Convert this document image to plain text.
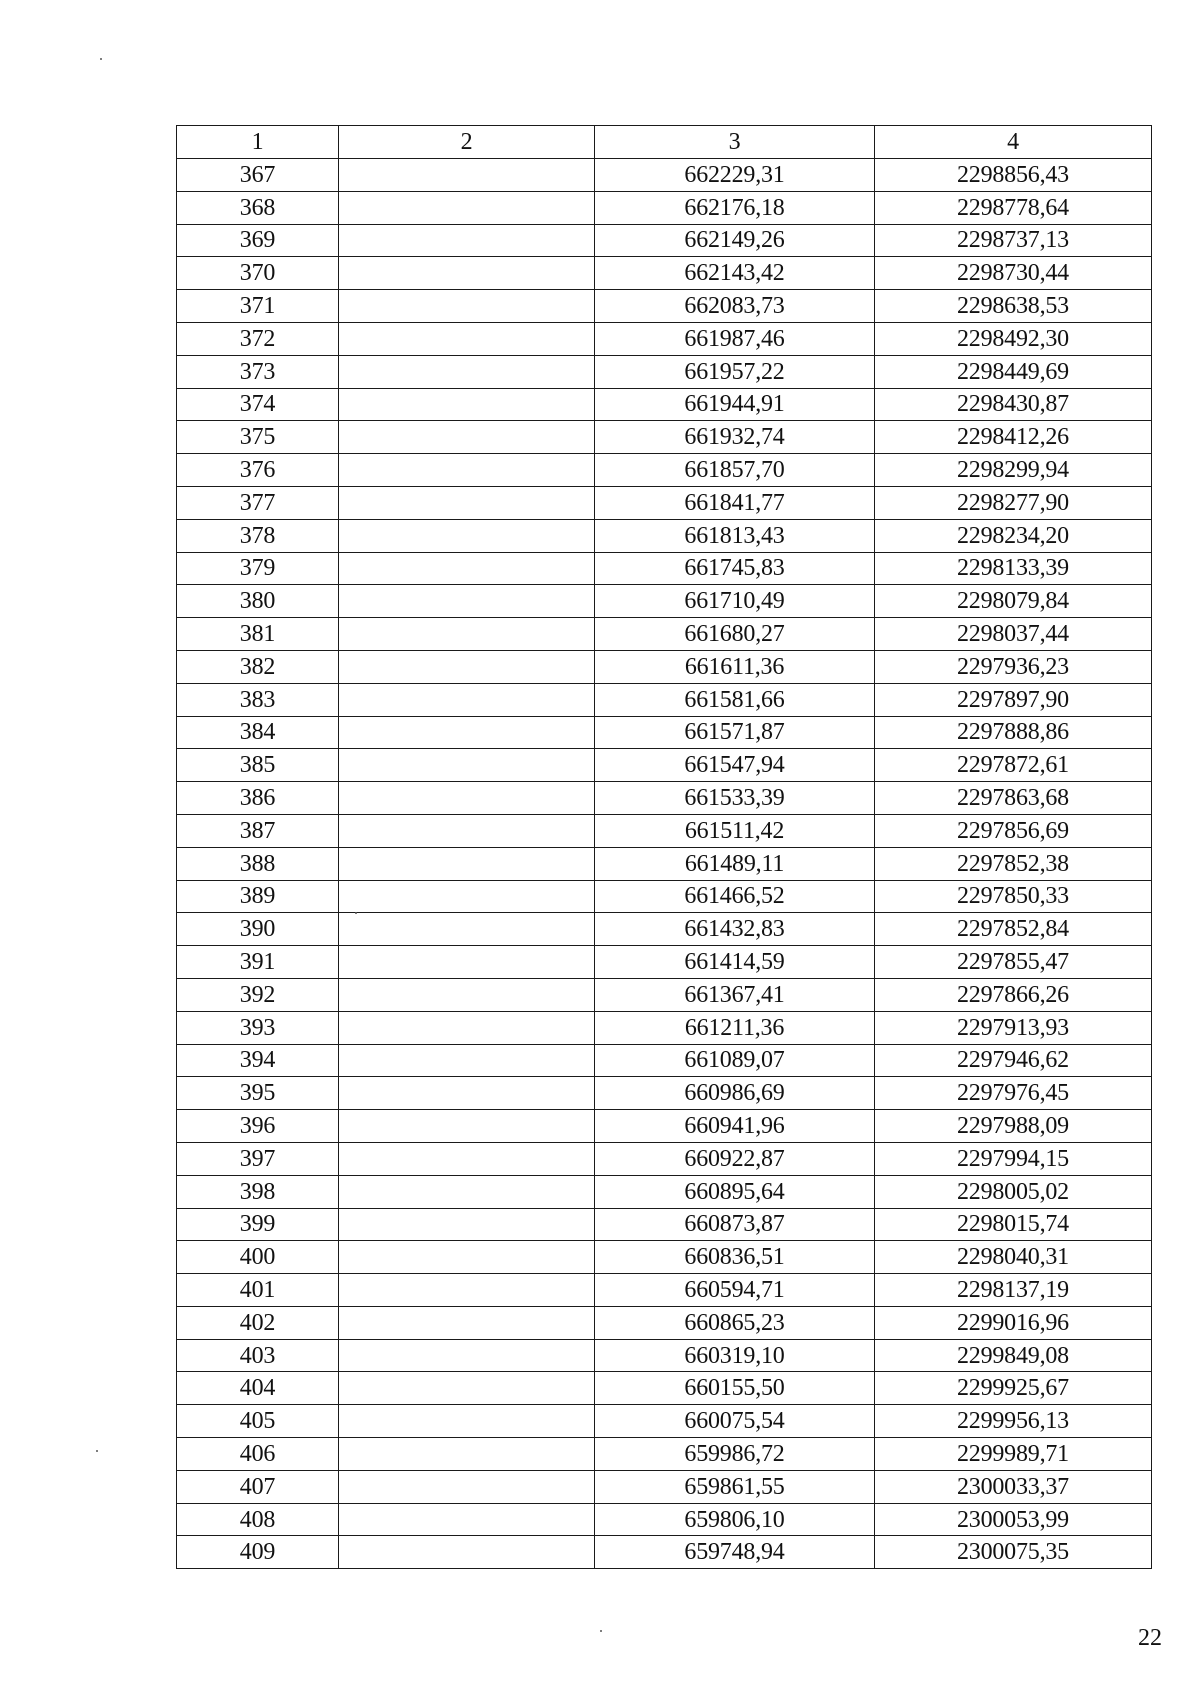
1	2	3	4
367		662229,31	2298856,43
368		662176,18	2298778,64
369		662149,26	2298737,13
370		662143,42	2298730,44
371		662083,73	2298638,53
372		661987,46	2298492,30
373		661957,22	2298449,69
374		661944,91	2298430,87
375		661932,74	2298412,26
376		661857,70	2298299,94
377		661841,77	2298277,90
378		661813,43	2298234,20
379		661745,83	2298133,39
380		661710,49	2298079,84
381		661680,27	2298037,44
382		661611,36	2297936,23
383		661581,66	2297897,90
384		661571,87	2297888,86
385		661547,94	2297872,61
386		661533,39	2297863,68
387		661511,42	2297856,69
388		661489,11	2297852,38
389		661466,52	2297850,33
390		661432,83	2297852,84
391		661414,59	2297855,47
392		661367,41	2297866,26
393		661211,36	2297913,93
394		661089,07	2297946,62
395		660986,69	2297976,45
396		660941,96	2297988,09
397		660922,87	2297994,15
398		660895,64	2298005,02
399		660873,87	2298015,74
400		660836,51	2298040,31
401		660594,71	2298137,19
402		660865,23	2299016,96
403		660319,10	2299849,08
404		660155,50	2299925,67
405		660075,54	2299956,13
406		659986,72	2299989,71
407		659861,55	2300033,37
408		659806,10	2300053,99
409		659748,94	2300075,35
22
